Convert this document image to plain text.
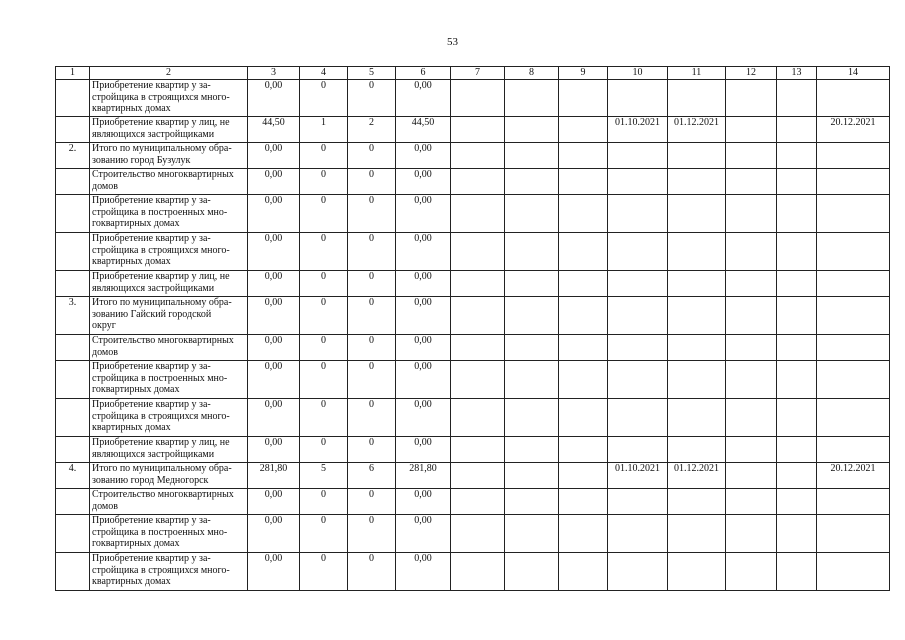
53
1	2	3	4	5	6	7	8	9	10	11	12	13	14
	Приобретение квартир у за-
стройщика в строящихся много-
квартирных домах	0,00	0	0	0,00								
	Приобретение квартир у лиц, не
являющихся застройщиками	44,50	1	2	44,50				01.10.2021	01.12.2021			20.12.2021
2.	Итого по муниципальному обра-
зованию город Бузулук	0,00	0	0	0,00								
	Строительство многоквартирных
домов	0,00	0	0	0,00								
	Приобретение квартир у за-
стройщика в построенных мно-
гоквартирных домах	0,00	0	0	0,00								
	Приобретение квартир у за-
стройщика в строящихся много-
квартирных домах	0,00	0	0	0,00								
	Приобретение квартир у лиц, не
являющихся застройщиками	0,00	0	0	0,00								
3.	Итого по муниципальному обра-
зованию Гайский городской
округ	0,00	0	0	0,00								
	Строительство многоквартирных
домов	0,00	0	0	0,00								
	Приобретение квартир у за-
стройщика в построенных мно-
гоквартирных домах	0,00	0	0	0,00								
	Приобретение квартир у за-
стройщика в строящихся много-
квартирных домах	0,00	0	0	0,00								
	Приобретение квартир у лиц, не
являющихся застройщиками	0,00	0	0	0,00								
4.	Итого по муниципальному обра-
зованию город Медногорск	281,80	5	6	281,80				01.10.2021	01.12.2021			20.12.2021
	Строительство многоквартирных
домов	0,00	0	0	0,00								
	Приобретение квартир у за-
стройщика в построенных мно-
гоквартирных домах	0,00	0	0	0,00								
	Приобретение квартир у за-
стройщика в строящихся много-
квартирных домах	0,00	0	0	0,00								
